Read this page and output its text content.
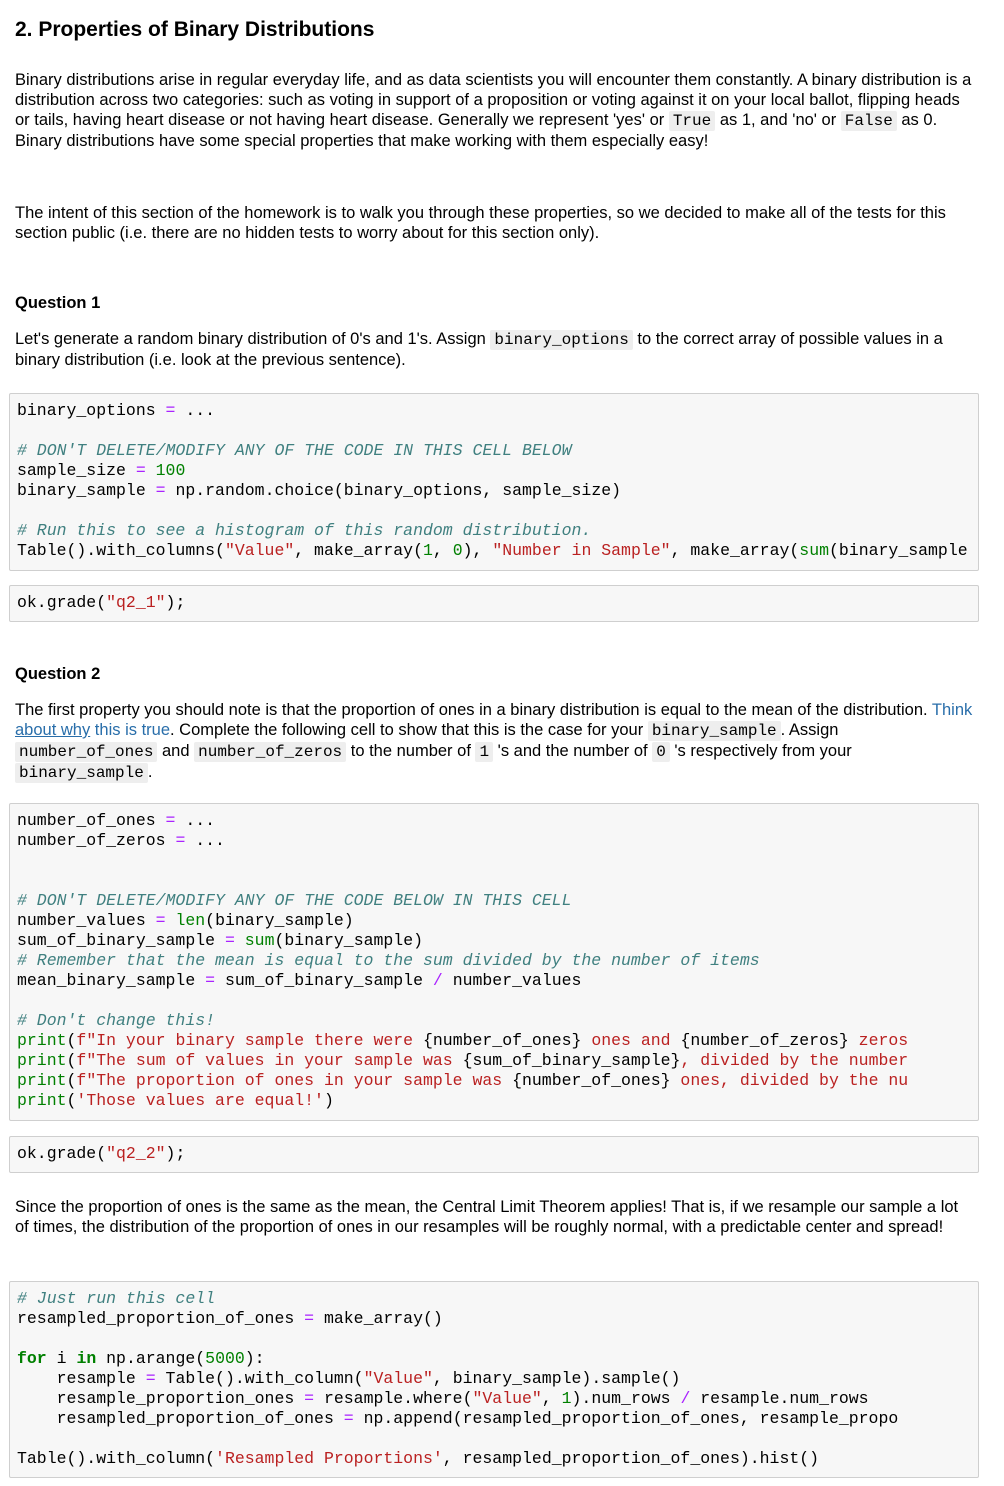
2. Properties of Binary Distributions

Binary distributions arise in regular everyday life, and as data scientists you will encounter them constantly. A binary distribution is a distribution across two categories: such as voting in support of a proposition or voting against it on your local ballot, flipping heads or tails, having heart disease or not having heart disease. Generally we represent 'yes' or True as 1, and 'no' or False as 0. Binary distributions have some special properties that make working with them especially easy!

The intent of this section of the homework is to walk you through these properties, so we decided to make all of the tests for this section public (i.e. there are no hidden tests to worry about for this section only).

Question 1

Let's generate a random binary distribution of 0's and 1's. Assign binary_options to the correct array of possible values in a binary distribution (i.e. look at the previous sentence).

binary_options = ...

# DON'T DELETE/MODIFY ANY OF THE CODE IN THIS CELL BELOW
sample_size = 100
binary_sample = np.random.choice(binary_options, sample_size)

# Run this to see a histogram of this random distribution.
Table().with_columns("Value", make_array(1, 0), "Number in Sample", make_array(sum(binary_sample
ok.grade("q2_1");
Question 2

The first property you should note is that the proportion of ones in a binary distribution is equal to the mean of the distribution. Think about why this is true. Complete the following cell to show that this is the case for your binary_sample . Assign number_of_ones and number_of_zeros to the number of 1 's and the number of 0 's respectively from your binary_sample .

number_of_ones = ...
number_of_zeros = ...

# DON'T DELETE/MODIFY ANY OF THE CODE BELOW IN THIS CELL
number_values = len(binary_sample)
sum_of_binary_sample = sum(binary_sample)
# Remember that the mean is equal to the sum divided by the number of items
mean_binary_sample = sum_of_binary_sample / number_values

# Don't change this!
print(f"In your binary sample there were {number_of_ones} ones and {number_of_zeros} zeros
print(f"The sum of values in your sample was {sum_of_binary_sample}, divided by the number
print(f"The proportion of ones in your sample was {number_of_ones} ones, divided by the nu
print('Those values are equal!')
ok.grade("q2_2");

Since the proportion of ones is the same as the mean, the Central Limit Theorem applies! That is, if we resample our sample a lot of times, the distribution of the proportion of ones in our resamples will be roughly normal, with a predictable center and spread!

# Just run this cell
resampled_proportion_of_ones = make_array()

for i in np.arange(5000):
resample = Table().with_column("Value", binary_sample).sample()
resample_proportion_ones = resample.where("Value", 1).num_rows / resample.num_rows
resampled_proportion_of_ones = np.append(resampled_proportion_of_ones, resample_propo

Table().with_column('Resampled Proportions', resampled_proportion_of_ones).hist()
